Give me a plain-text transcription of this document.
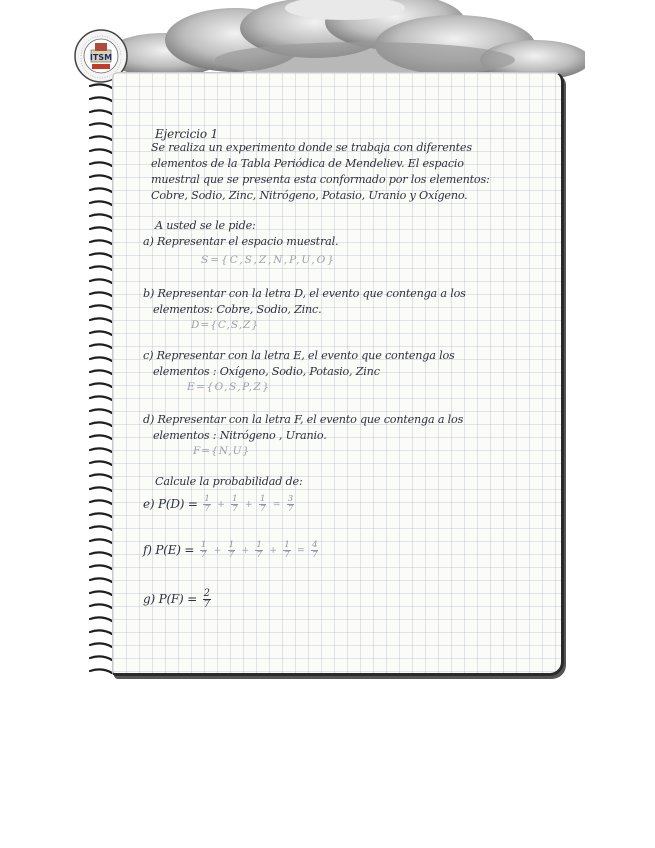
ITSM
Ejercicio 1
Se realiza un experimento donde se trabaja con diferentes
elementos de la Tabla Periódica de Mendeliev. El espacio
muestral que se presenta esta conformado por los elementos:
Cobre, Sodio, Zinc, Nitrógeno, Potasio, Uranio y Oxígeno.
A usted se le pide:
a) Representar el espacio muestral.
S={C,S,Z,N,P,U,O}
b) Representar con la letra D, el evento que contenga a los
elementos: Cobre, Sodio, Zinc.
D={C,S,Z}
c) Representar con la letra E, el evento que contenga los
elementos : Oxígeno, Sodio, Potasio, Zinc
E={O,S,P,Z}
d) Representar con la letra F, el evento que contenga a los
elementos : Nitrógeno , Uranio.
F={N,U}
Calcule la probabilidad de:
e) $P(D) = \frac{1}{7} + \frac{1}{7} + \frac{1}{7} = \frac{3}{7}$
f) $P(E) = \frac{1}{7} + \frac{1}{7} + \frac{1}{7} + \frac{1}{7} = \frac{4}{7}$
g) $P(F) = \frac{2}{7}$
